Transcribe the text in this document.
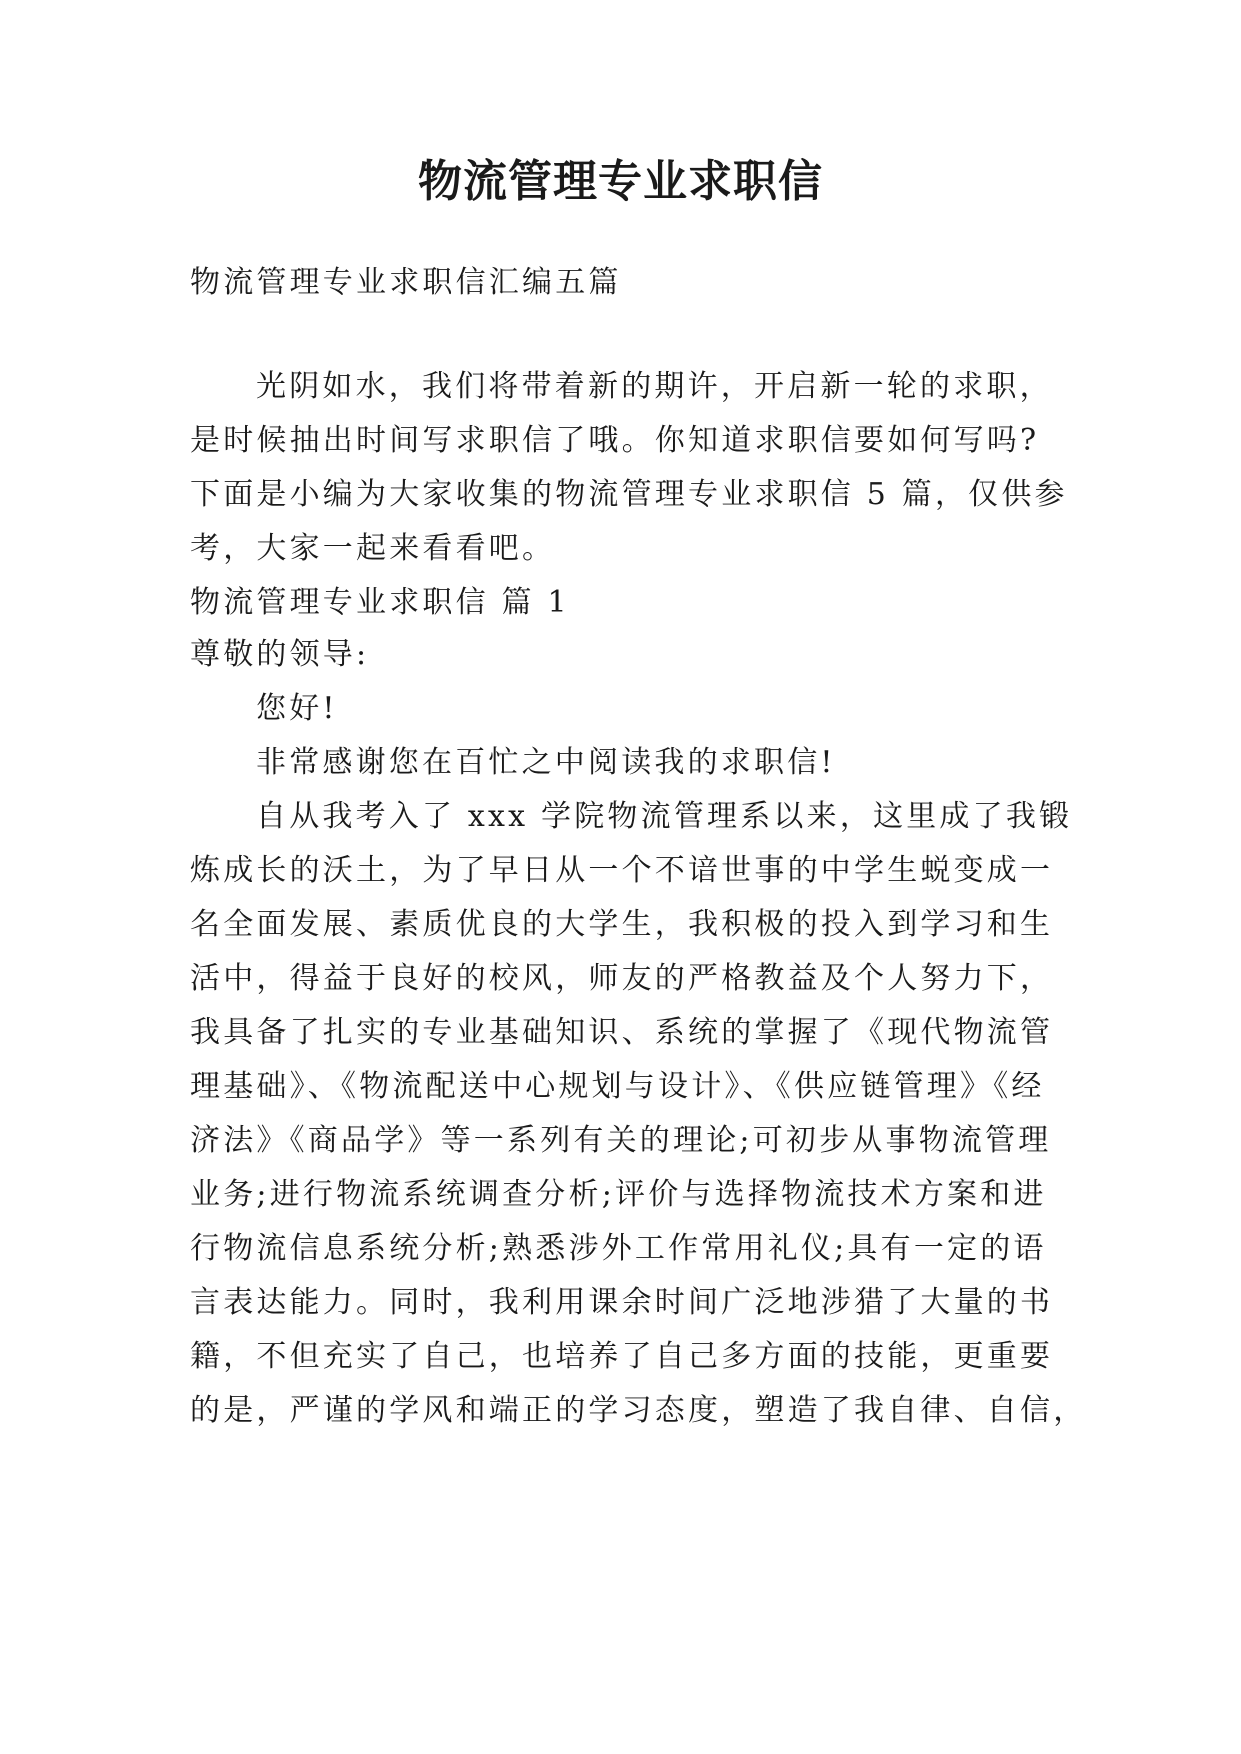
物流管理专业求职信
物流管理专业求职信汇编五篇
光阴如水，我们将带着新的期许，开启新一轮的求职，
是时候抽出时间写求职信了哦。你知道求职信要如何写吗?
下面是小编为大家收集的物流管理专业求职信 5 篇，仅供参
考，大家一起来看看吧。
物流管理专业求职信 篇 1
尊敬的领导:
您好!
非常感谢您在百忙之中阅读我的求职信!
自从我考入了 xxx 学院物流管理系以来，这里成了我锻
炼成长的沃土，为了早日从一个不谙世事的中学生蜕变成一
名全面发展、素质优良的大学生，我积极的投入到学习和生
活中，得益于良好的校风，师友的严格教益及个人努力下，
我具备了扎实的专业基础知识、系统的掌握了《现代物流管
理基础》、《物流配送中心规划与设计》、《供应链管理》《经
济法》《商品学》等一系列有关的理论;可初步从事物流管理
业务;进行物流系统调查分析;评价与选择物流技术方案和进
行物流信息系统分析;熟悉涉外工作常用礼仪;具有一定的语
言表达能力。同时，我利用课余时间广泛地涉猎了大量的书
籍，不但充实了自己，也培养了自己多方面的技能，更重要
的是，严谨的学风和端正的学习态度，塑造了我自律、自信，
